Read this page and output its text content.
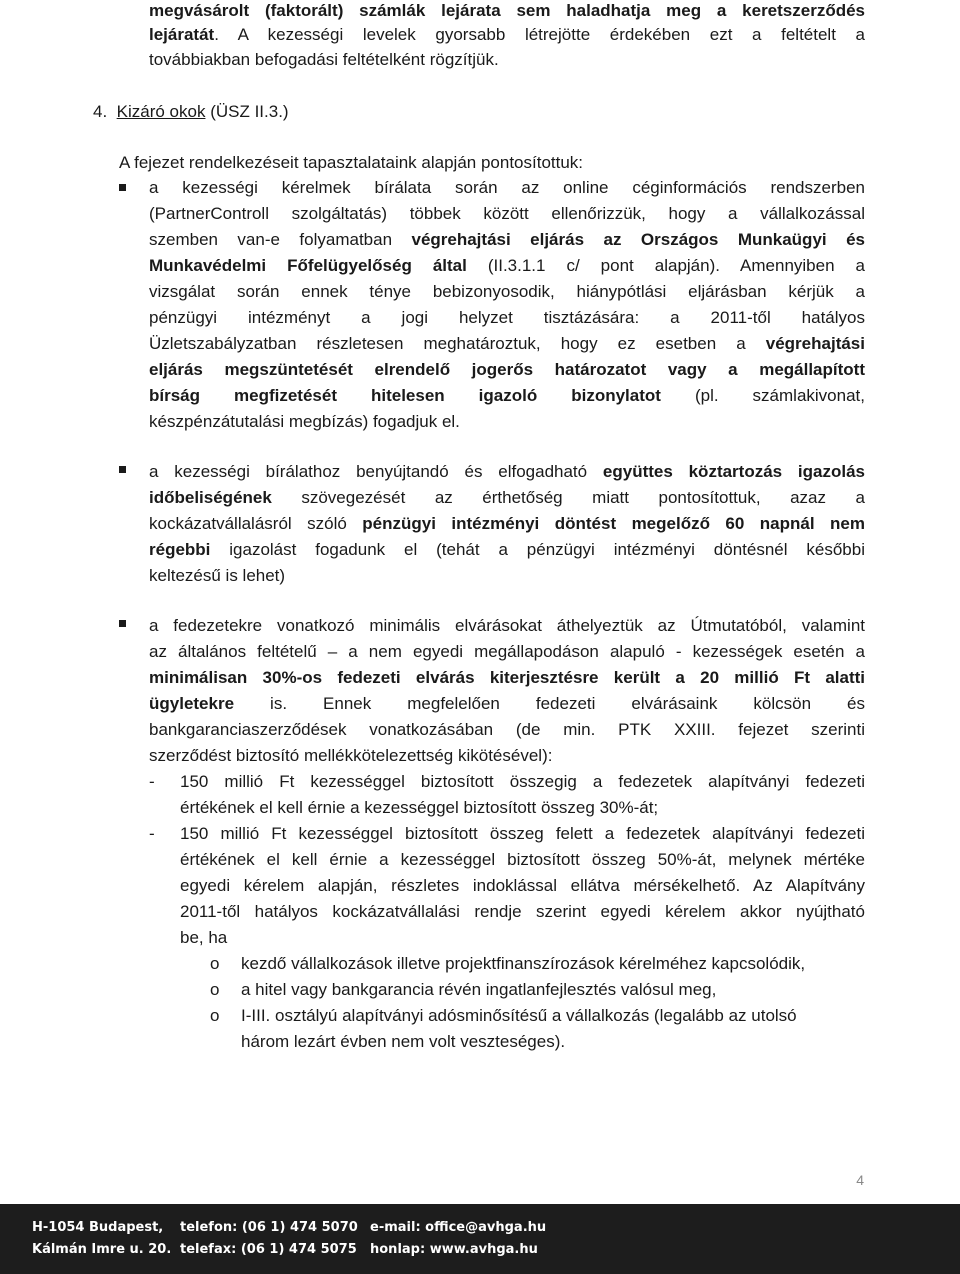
megvásárolt (faktorált) számlák lejárata sem haladhatja meg a keretszerződés
lejáratát. A kezességi levelek gyorsabb létrejötte érdekében ezt a feltételt a
továbbiakban befogadási feltételként rögzítjük.
4. Kizáró okok (ÜSZ II.3.)
A fejezet rendelkezéseit tapasztalataink alapján pontosítottuk:
a kezességi kérelmek bírálata során az online céginformációs rendszerben
(PartnerControll szolgáltatás) többek között ellenőrizzük, hogy a vállalkozással
szemben van-e folyamatban végrehajtási eljárás az Országos Munkaügyi és
Munkavédelmi Főfelügyelőség által (II.3.1.1 c/ pont alapján). Amennyiben a
vizsgálat során ennek ténye bebizonyosodik, hiánypótlási eljárásban kérjük a
pénzügyi intézményt a jogi helyzet tisztázására: a 2011-től hatályos
Üzletszabályzatban részletesen meghatároztuk, hogy ez esetben a végrehajtási
eljárás megszüntetését elrendelő jogerős határozatot vagy a megállapított
bírság megfizetését hitelesen igazoló bizonylatot (pl. számlakivonat,
készpénzátutalási megbízás) fogadjuk el.
a kezességi bírálathoz benyújtandó és elfogadható együttes köztartozás igazolás
időbeliségének szövegezését az érthetőség miatt pontosítottuk, azaz a
kockázatvállalásról szóló pénzügyi intézményi döntést megelőző 60 napnál nem
régebbi igazolást fogadunk el (tehát a pénzügyi intézményi döntésnél későbbi
keltezésű is lehet)
a fedezetekre vonatkozó minimális elvárásokat áthelyeztük az Útmutatóból, valamint
az általános feltételű – a nem egyedi megállapodáson alapuló - kezességek esetén a
minimálisan 30%-os fedezeti elvárás kiterjesztésre került a 20 millió Ft alatti
ügyletekre is. Ennek megfelelően fedezeti elvárásaink kölcsön és
bankgaranciaszerződések vonatkozásában (de min. PTK XXIII. fejezet szerinti
szerződést biztosító mellékkötelezettség kikötésével):
- 150 millió Ft kezességgel biztosított összegig a fedezetek alapítványi fedezeti
értékének el kell érnie a kezességgel biztosított összeg 30%-át;
- 150 millió Ft kezességgel biztosított összeg felett a fedezetek alapítványi fedezeti
értékének el kell érnie a kezességgel biztosított összeg 50%-át, melynek mértéke
egyedi kérelem alapján, részletes indoklással ellátva mérsékelhető. Az Alapítvány
2011-től hatályos kockázatvállalási rendje szerint egyedi kérelem akkor nyújtható
be, ha
o kezdő vállalkozások illetve projektfinanszírozások kérelméhez kapcsolódik,
o a hitel vagy bankgarancia révén ingatlanfejlesztés valósul meg,
o I-III. osztályú alapítványi adósminősítésű a vállalkozás (legalább az utolsó
három lezárt évben nem volt veszteséges).
4
H-1054 Budapest,
Kálmán Imre u. 20.
telefon: (06 1) 474 5070
telefax: (06 1) 474 5075
e-mail: office@avhga.hu
honlap: www.avhga.hu
